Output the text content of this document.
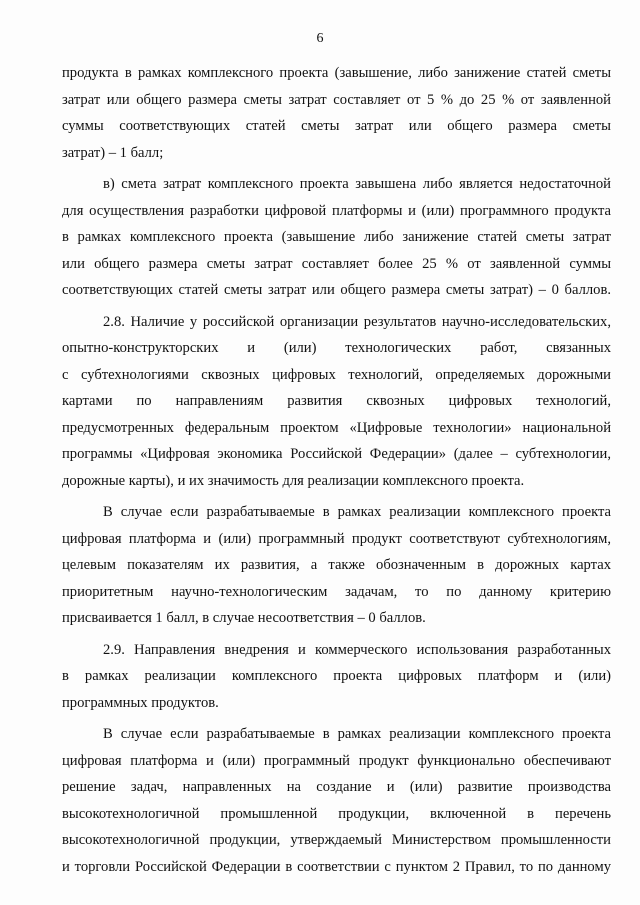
6

продукта в рамках комплексного проекта (завышение, либо занижение статей сметы
затрат или общего размера сметы затрат составляет от 5 % до 25 % от заявленной
суммы соответствующих статей сметы затрат или общего размера сметы
затрат) – 1 балл;

в) смета затрат комплексного проекта завышена либо является недостаточной
для осуществления разработки цифровой платформы и (или) программного продукта
в рамках комплексного проекта (завышение либо занижение статей сметы затрат
или общего размера сметы затрат составляет более 25 % от заявленной суммы
соответствующих статей сметы затрат или общего размера сметы затрат) – 0 баллов.

2.8. Наличие у российской организации результатов научно-исследовательских,
опытно-конструкторских и (или) технологических работ, связанных
с субтехнологиями сквозных цифровых технологий, определяемых дорожными
картами по направлениям развития сквозных цифровых технологий,
предусмотренных федеральным проектом «Цифровые технологии» национальной
программы «Цифровая экономика Российской Федерации» (далее – субтехнологии,
дорожные карты), и их значимость для реализации комплексного проекта.

В случае если разрабатываемые в рамках реализации комплексного проекта
цифровая платформа и (или) программный продукт соответствуют субтехнологиям,
целевым показателям их развития, а также обозначенным в дорожных картах
приоритетным научно-технологическим задачам, то по данному критерию
присваивается 1 балл, в случае несоответствия – 0 баллов.

2.9. Направления внедрения и коммерческого использования разработанных
в рамках реализации комплексного проекта цифровых платформ и (или)
программных продуктов.

В случае если разрабатываемые в рамках реализации комплексного проекта
цифровая платформа и (или) программный продукт функционально обеспечивают
решение задач, направленных на создание и (или) развитие производства
высокотехнологичной промышленной продукции, включенной в перечень
высокотехнологичной продукции, утверждаемый Министерством промышленности
и торговли Российской Федерации в соответствии с пунктом 2 Правил, то по данному
